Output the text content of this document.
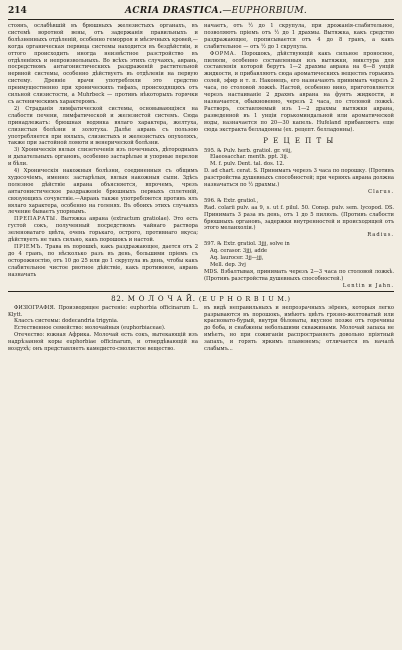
214	ACRIA DRASTICA.—EUPHORBIUM.

стоянъ, ослабѣвшій въ брюшныхъ железистыхъ органахъ, въ системѣ воротной вены, отъ задержанія правильныхъ и болѣзненныхъ отдѣленій, особенно геморроя и мѣсячныхъ кровей,—когда органическая первица системы находится въ бездѣйствіи, и оттого происходить иногда неизвѣстное разстройство въ отдѣленіяхъ и непроизвольныхъ. Во всѣхъ этихъ случаяхъ, аврань, посредствомъ антагонистическихъ раздраженій растительной нервной системы, особенно дѣйствуетъ въ отдѣленіи на первую систему. Древніе врачи употребляли это средство преимущественно при хроническихъ тифахъ, происходящихъ отъ сильной слизистости, а Muhrbeck — противъ нѣкоторыхъ горячки съ астеническимъ характеромъ.

2) Страданія лимфатической системы, основывающіяся на слабости печени, лимфатической и железистой системъ. Сюда принадлежатъ: брюшная водянка вялаго характера, желтуха, слизистыя болѣзни и золотуха. Далѣе аврань съ пользою употребляется при вялыхъ, слизистыхъ и железистыхъ опухоляхъ, также при застойной ломоти и венерической болѣзни.

3) Хроническія вялыя слизетеченія изъ почечныхъ, дѣтородныхъ и дыхательныхъ органовъ, особенно застарѣлые и упорные перелои и бѣли.

4) Хроническія накожныя болѣзни, соединенныя съ общимъ худосочіемъ, именно: застарѣлыя, вялыя накожныя сыпи. Здѣсь полезное дѣйствіе аврана объясняется, впрочемъ, чрезъ антагонистическое раздраженіе брюшныхъ первыхъ сплетеній, связующихъ сочувствіе.—Аврань также употребляется противъ ялъ вялаго характера, особенно на голенях. Въ обоихъ этихъ случаяхъ лечение бываетъ упорнымъ.

ПРЕПАРАТЫ. Вытяжка аврана (extractum gratiolae). Это есть густой сокъ, полученный посредствомъ чайнаго раствора зеленоватаго цвѣта, очень горькаго, острого, противнаго вкуса; дѣйствуетъ не такъ сильно, какъ порошокъ и настой.

ПРІЕМЪ. Трава въ порошкѣ, какъ раздражающее, дается отъ 2 до 4 гранъ, по нѣсколько разъ въ день, большими пріемъ съ осторожностію, отъ 10 до 25 или до 1 скрупула въ день, чтобы какъ слабительное чистое рвотное дѣйствіе, какъ противоное, аврань назначать

начаетъ, отъ ½ до 1 скрупула, при дрожанія-слабительное, позволяютъ пріемъ отъ ½ до 1 драхмы. Вытяжка, какъ средство раздражающее, прописывается отъ 4 до 8 гранъ, а какъ слабительное — отъ ½ до 1 скрупула.

ФОРМА. Порошокъ, дѣйствующій какъ сильное проносное, пилюли, особенно составленныя изъ вытяжки, микстура для составленія которой берутъ 1—2 драхмы аврана на 6—8 унцій жидкости, и прибавляютъ сюда ароматическихъ веществъ горькихъ солей, эфир и т. п. Наконецъ, его назначаютъ принимать черезъ 2 часа, по столовой ложкѣ. Настой, особенно вино, приготовляется черезъ настаиваніе 2 драхмъ аврана на фунтъ жидкости, и назначается, обыкновенно, черезъ 2 часа, по столовой ложкѣ. Растворъ, составляемый изъ 1—2 драхмы вытяжки аврана, разведенной въ 1 унціи горькоминдальной или ароматической воды, назначается по 20—30 капель. Hufeland прибавляетъ еще сюда экстракта белладонны (ex. рецепт. белладонны).

Р Е Ц Е П Т Ы

595. ℞ Pulv. herb. gratiol. gr. viij,

Elaeosacchar. menth. ppt. 3ij.

M. f. pulv. Dent. tal. dos. 12.

D. ad chart. cerat. S. Принимать черезъ 3 часа по порошку. (Противъ разстройства душевныхъ способностей; при червяхъ аврана должна назначаться по ½ драхмы.)

Clarus.

596. ℞ Extr. gratiol.,

Rad. colarii pulv. aa 9, s. ut f. pilul. 50. Consp. pulv. sem. lycopod. DS. Принимать 3 раза въ день, отъ 1 до 5 пилюль. (Противъ слабости брюшныхъ органовъ, задержки внутренностей и происходящей отъ этого меланхоліи.)

Radius.

597. ℞ Extr. gratiol. 3jjj, solve in

Aq. cerasor. 3jjj, adde

Aq. laurocer. 3jj—jjj,

Mell. dep. 3vj

MDS. Взбалтывая, принимать черезъ 2—3 часа по столовой ложкѣ. (Противъ разстройства душевныхъ способностей.)

Lentin и Jahn.
82. М О Л О Ч А Й. (E U P H O R B I U M.)

ФИЗІОГРАФІЯ. Производящее растеніе: euphorbia officinarum L. Klytt.

Классъ системы: dodecandria trigynia.

Естественное семейство: молочайныя (euphorbiaceae).

Отечество: южная Африка. Молочай есть сокъ, вытекающій изъ надрѣзанной коры euphorbiae officinarum, и отвердѣвающій на воздухѣ; онъ представляетъ камедисто-смолистое вещество.

въ видѣ неправильныхъ и непрозрачныхъ зёренъ, которыя легко разрываются въ порошокъ, имѣютъ цвѣтъ грязно-желтоватый или красновато-бурый, внутри бѣловаты, вкусное позже отъ горечины до боба, и снабжены небольшими скважинами. Молочай запаха не имѣетъ, но при сожиганіи распространяетъ довольно пріятный запахъ, и горять яркимъ пламенемъ; отличается въ началѣ слабымъ...
